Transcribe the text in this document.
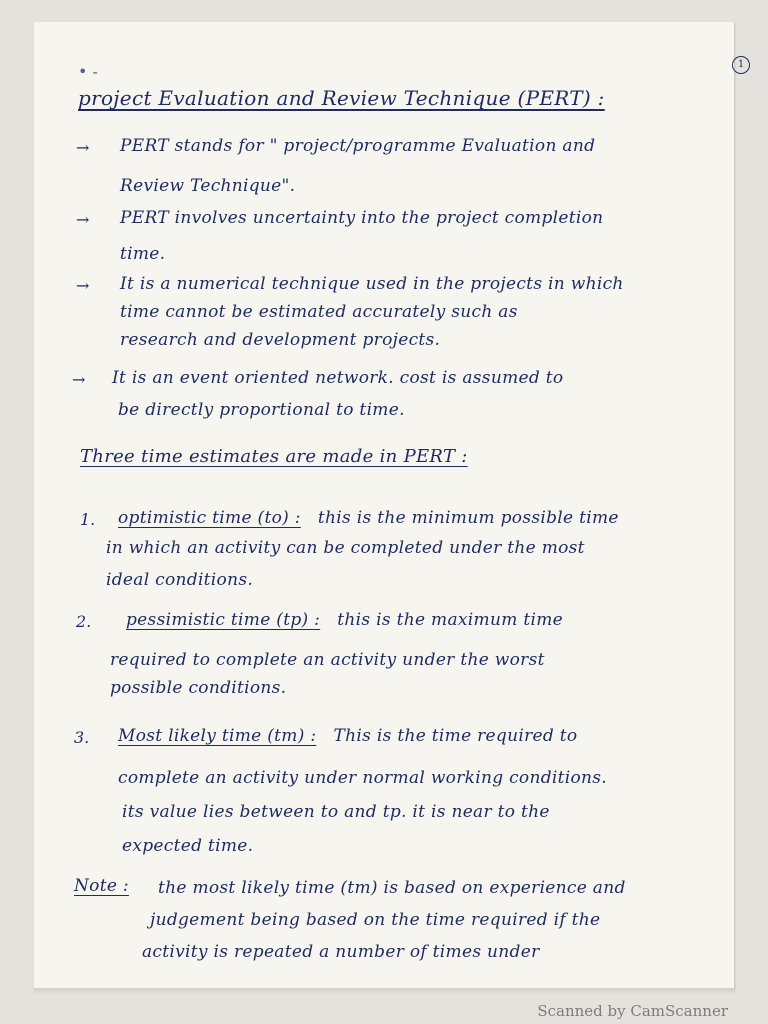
• ‑	1
project Evaluation and Review Technique (PERT) :
→ PERT stands for " project/programme Evaluation and
Review Technique".
→ PERT involves uncertainty into the project completion
time.
→ It is a numerical technique used in the projects in which
time cannot be estimated accurately such as
research and development projects.
→ It is an event oriented network. cost is assumed to
be directly proportional to time.
Three time estimates are made in PERT :
1. optimistic time (to) : this is the minimum possible time
in which an activity can be completed under the most
ideal conditions.
2. pessimistic time (tp) : this is the maximum time
required to complete an activity under the worst
possible conditions.
3. Most likely time (tm) : This is the time required to
complete an activity under normal working conditions.
its value lies between to and tp. it is near to the
expected time.
Note : the most likely time (tm) is based on experience and
judgement being based on the time required if the
activity is repeated a number of times under
Scanned by CamScanner
